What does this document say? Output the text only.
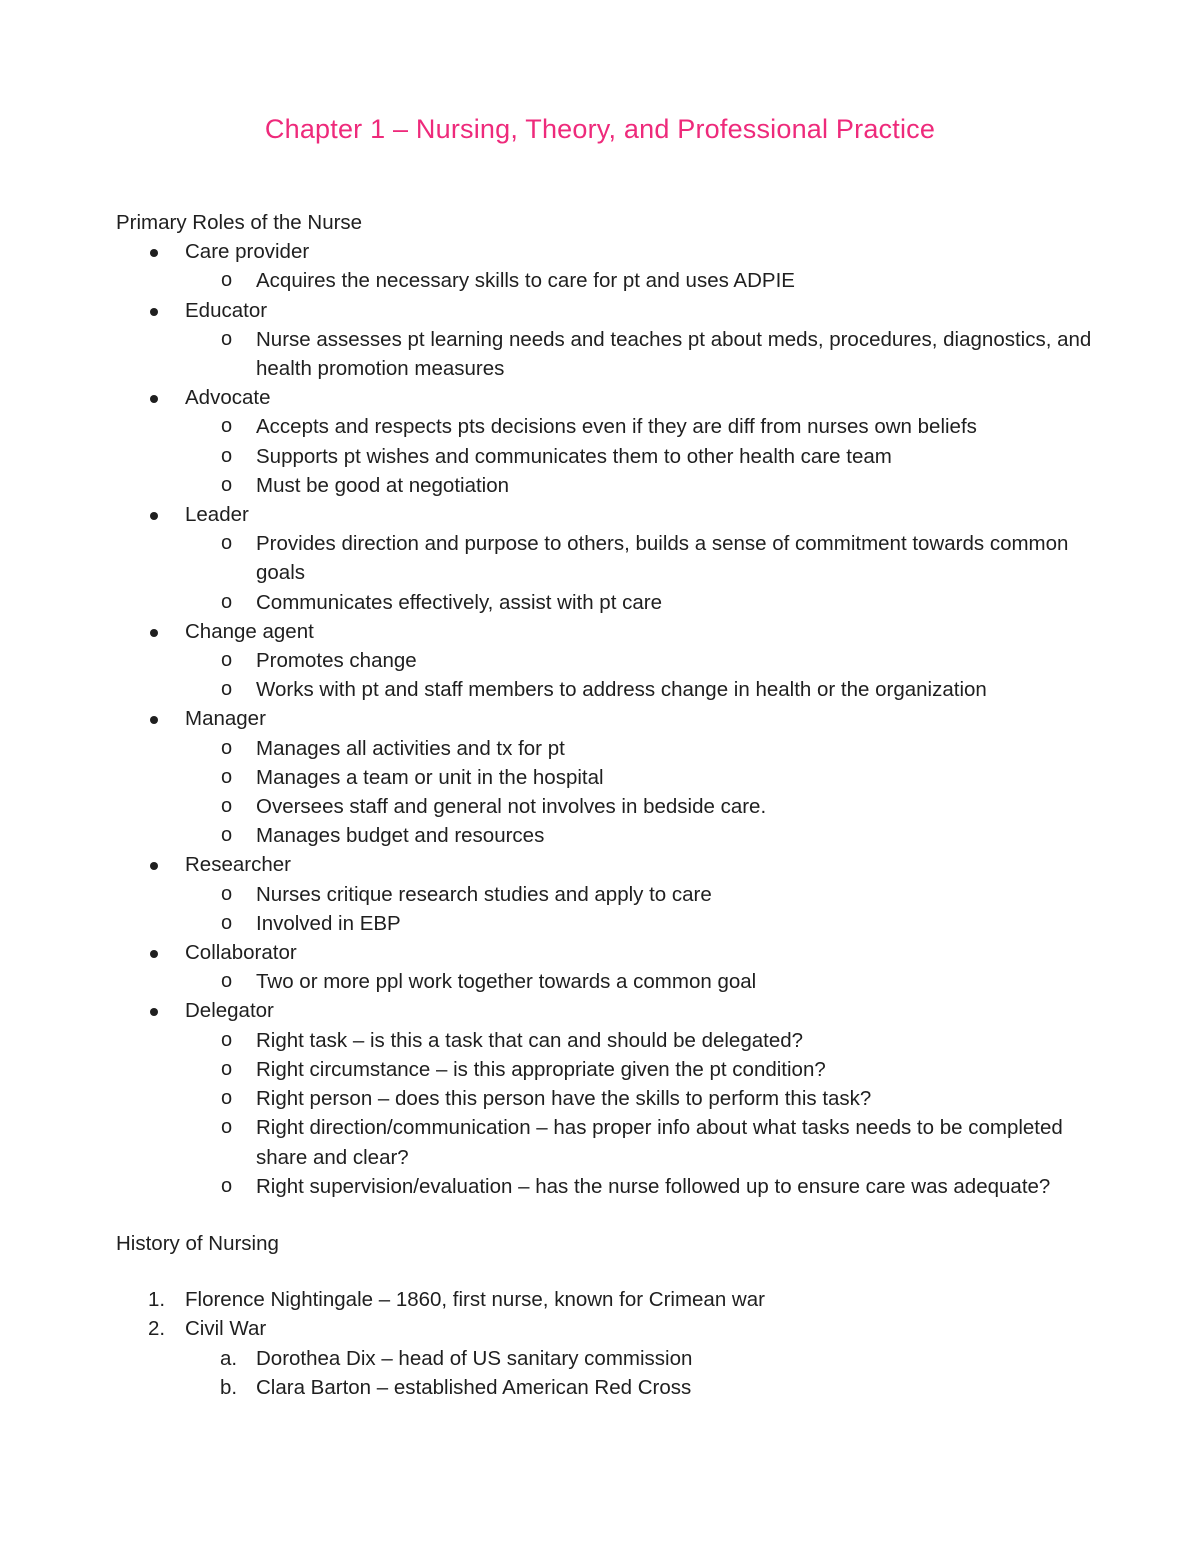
Chapter 1 – Nursing, Theory, and Professional Practice

Primary Roles of the Nurse

Care provider
o Acquires the necessary skills to care for pt and uses ADPIE
Educator
o Nurse assesses pt learning needs and teaches pt about meds, procedures, diagnostics, and health promotion measures
Advocate
o Accepts and respects pts decisions even if they are diff from nurses own beliefs
o Supports pt wishes and communicates them to other health care team
o Must be good at negotiation
Leader
o Provides direction and purpose to others, builds a sense of commitment towards common goals
o Communicates effectively, assist with pt care
Change agent
o Promotes change
o Works with pt and staff members to address change in health or the organization
Manager
o Manages all activities and tx for pt
o Manages a team or unit in the hospital
o Oversees staff and general not involves in bedside care.
o Manages budget and resources
Researcher
o Nurses critique research studies and apply to care
o Involved in EBP
Collaborator
o Two or more ppl work together towards a common goal
Delegator
o Right task – is this a task that can and should be delegated?
o Right circumstance – is this appropriate given the pt condition?
o Right person – does this person have the skills to perform this task?
o Right direction/communication – has proper info about what tasks needs to be completed share and clear?
o Right supervision/evaluation – has the nurse followed up to ensure care was adequate?

History of Nursing

1. Florence Nightingale – 1860, first nurse, known for Crimean war
2. Civil War
a. Dorothea Dix – head of US sanitary commission
b. Clara Barton – established American Red Cross
